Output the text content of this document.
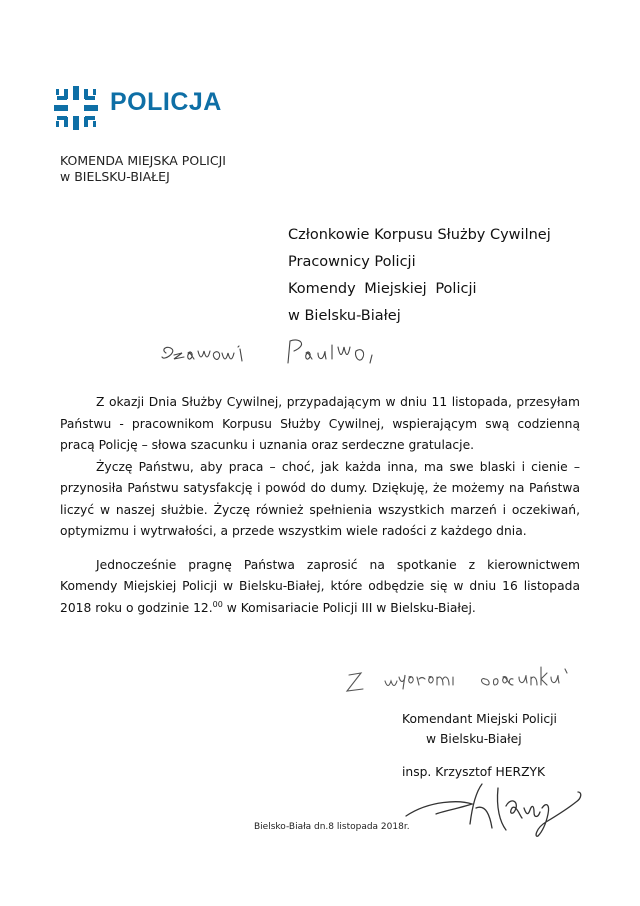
POLICJA
KOMENDA MIEJSKA POLICJI
w BIELSKU-BIAŁEJ
Członkowie Korpusu Służby Cywilnej
Pracownicy Policji
Komendy Miejskiej Policji
w Bielsku-Białej

Z okazji Dnia Służby Cywilnej, przypadającym w dniu 11 listopada, przesyłam Państwu - pracownikom Korpusu Służby Cywilnej, wspierającym swą codzienną pracą Policję – słowa szacunku i uznania oraz serdeczne gratulacje.

Życzę Państwu, aby praca – choć, jak każda inna, ma swe blaski i cienie – przynosiła Państwu satysfakcję i powód do dumy. Dziękuję, że możemy na Państwa liczyć w naszej służbie. Życzę również spełnienia wszystkich marzeń i oczekiwań, optymizmu i wytrwałości, a przede wszystkim wiele radości z każdego dnia.

Jednocześnie pragnę Państwa zaprosić na spotkanie z kierownictwem Komendy Miejskiej Policji w Bielsku-Białej, które odbędzie się w dniu 16 listopada 2018 roku o godzinie 12.00 w Komisariacie Policji III w Bielsku-Białej.

Komendant Miejski Policji
w Bielsku-Białej
insp. Krzysztof HERZYK
Bielsko-Biała dn.8 listopada 2018r.
